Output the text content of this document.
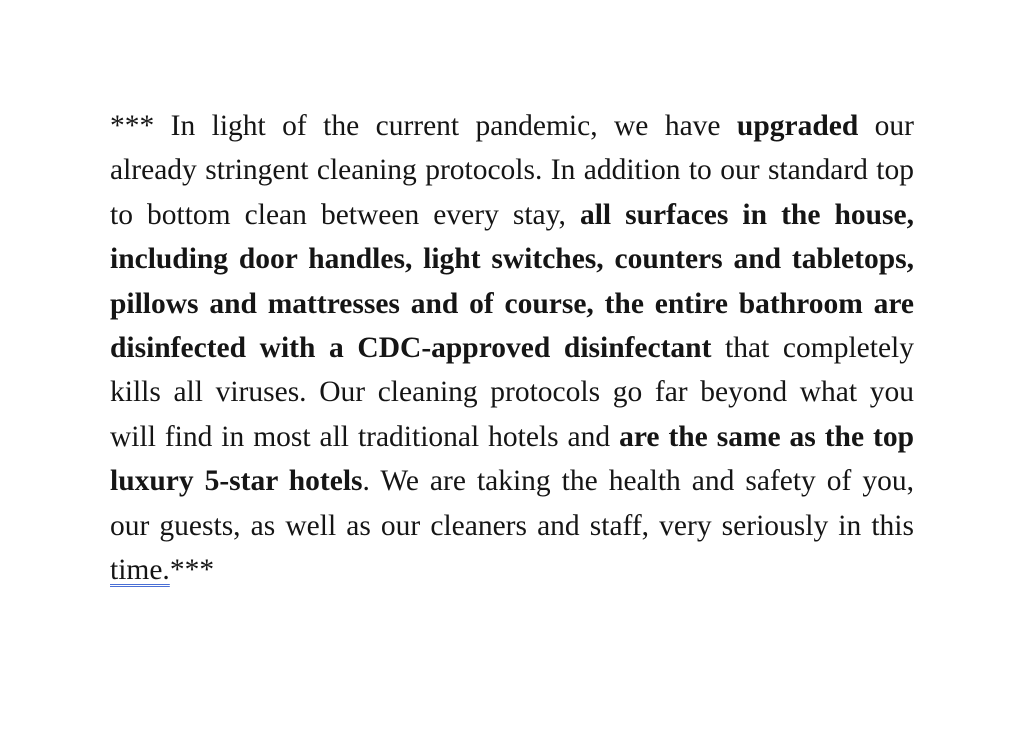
*** In light of the current pandemic, we have upgraded our already stringent cleaning protocols. In addition to our standard top to bottom clean between every stay, all surfaces in the house, including door handles, light switches, counters and tabletops, pillows and mattresses and of course, the entire bathroom are disinfected with a CDC-approved disinfectant that completely kills all viruses. Our cleaning protocols go far beyond what you will find in most all traditional hotels and are the same as the top luxury 5-star hotels. We are taking the health and safety of you, our guests, as well as our cleaners and staff, very seriously in this time.***
